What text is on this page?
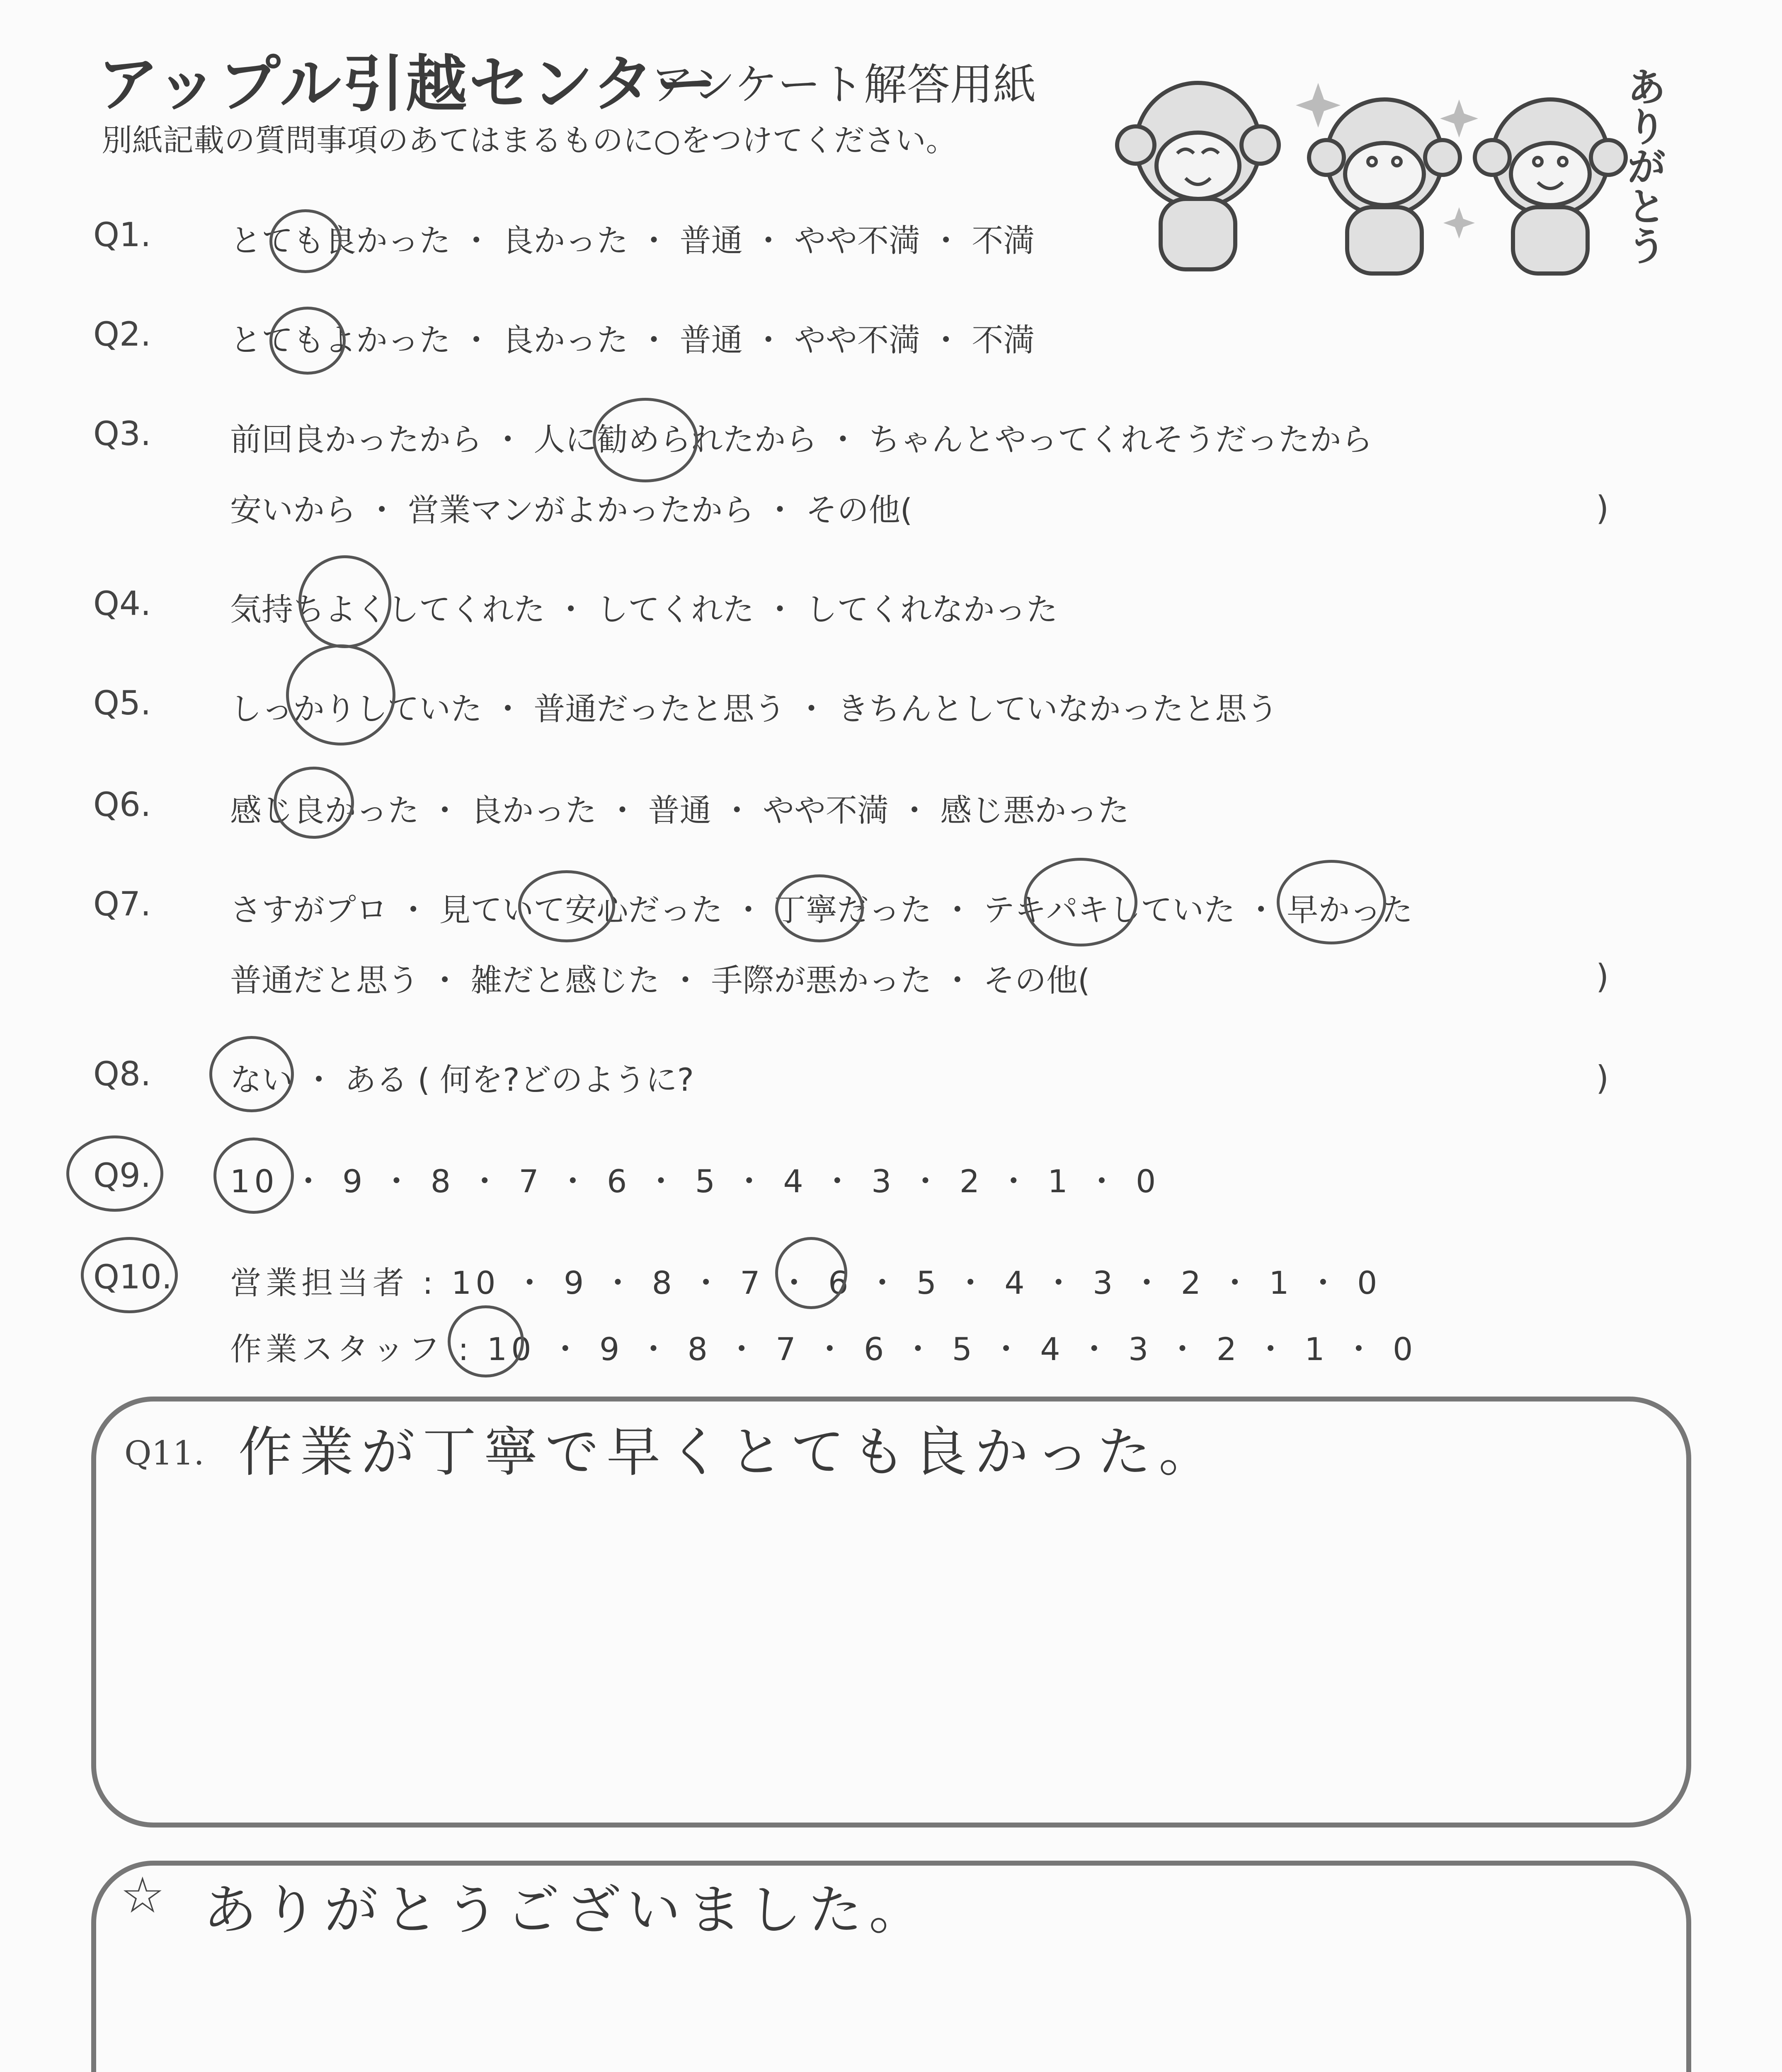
アップル引越センター
アンケート解答用紙
別紙記載の質問事項のあてはまるものに○をつけてください。	ありがとう
Q1.	とても良かった ・ 良かった ・ 普通 ・ やや不満 ・ 不満
Q2.	とてもよかった ・ 良かった ・ 普通 ・ やや不満 ・ 不満
Q3.	前回良かったから ・ 人に勧められたから ・ ちゃんとやってくれそうだったから
安いから ・ 営業マンがよかったから ・ その他(	)
Q4.	気持ちよくしてくれた ・ してくれた ・ してくれなかった
Q5.	しっかりしていた ・ 普通だったと思う ・ きちんとしていなかったと思う
Q6.	感じ良かった ・ 良かった ・ 普通 ・ やや不満 ・ 感じ悪かった
Q7.	さすがプロ ・ 見ていて安心だった ・ 丁寧だった ・ テキパキしていた ・ 早かった
普通だと思う ・ 雑だと感じた ・ 手際が悪かった ・ その他(	)
Q8.	ない ・ ある ( 何を?どのように?	)
Q9.	10 ・ 9 ・ 8 ・ 7 ・ 6 ・ 5 ・ 4 ・ 3 ・ 2 ・ 1 ・ 0
Q10. 営業担当者 : 10 ・ 9 ・ 8 ・ 7 ・ 6 ・ 5 ・ 4 ・ 3 ・ 2 ・ 1 ・ 0
作業スタッフ : 10 ・ 9 ・ 8 ・ 7 ・ 6 ・ 5 ・ 4 ・ 3 ・ 2 ・ 1 ・ 0
Q11. 作業が丁寧で早くとても良かった。
☆ ありがとうございました。
